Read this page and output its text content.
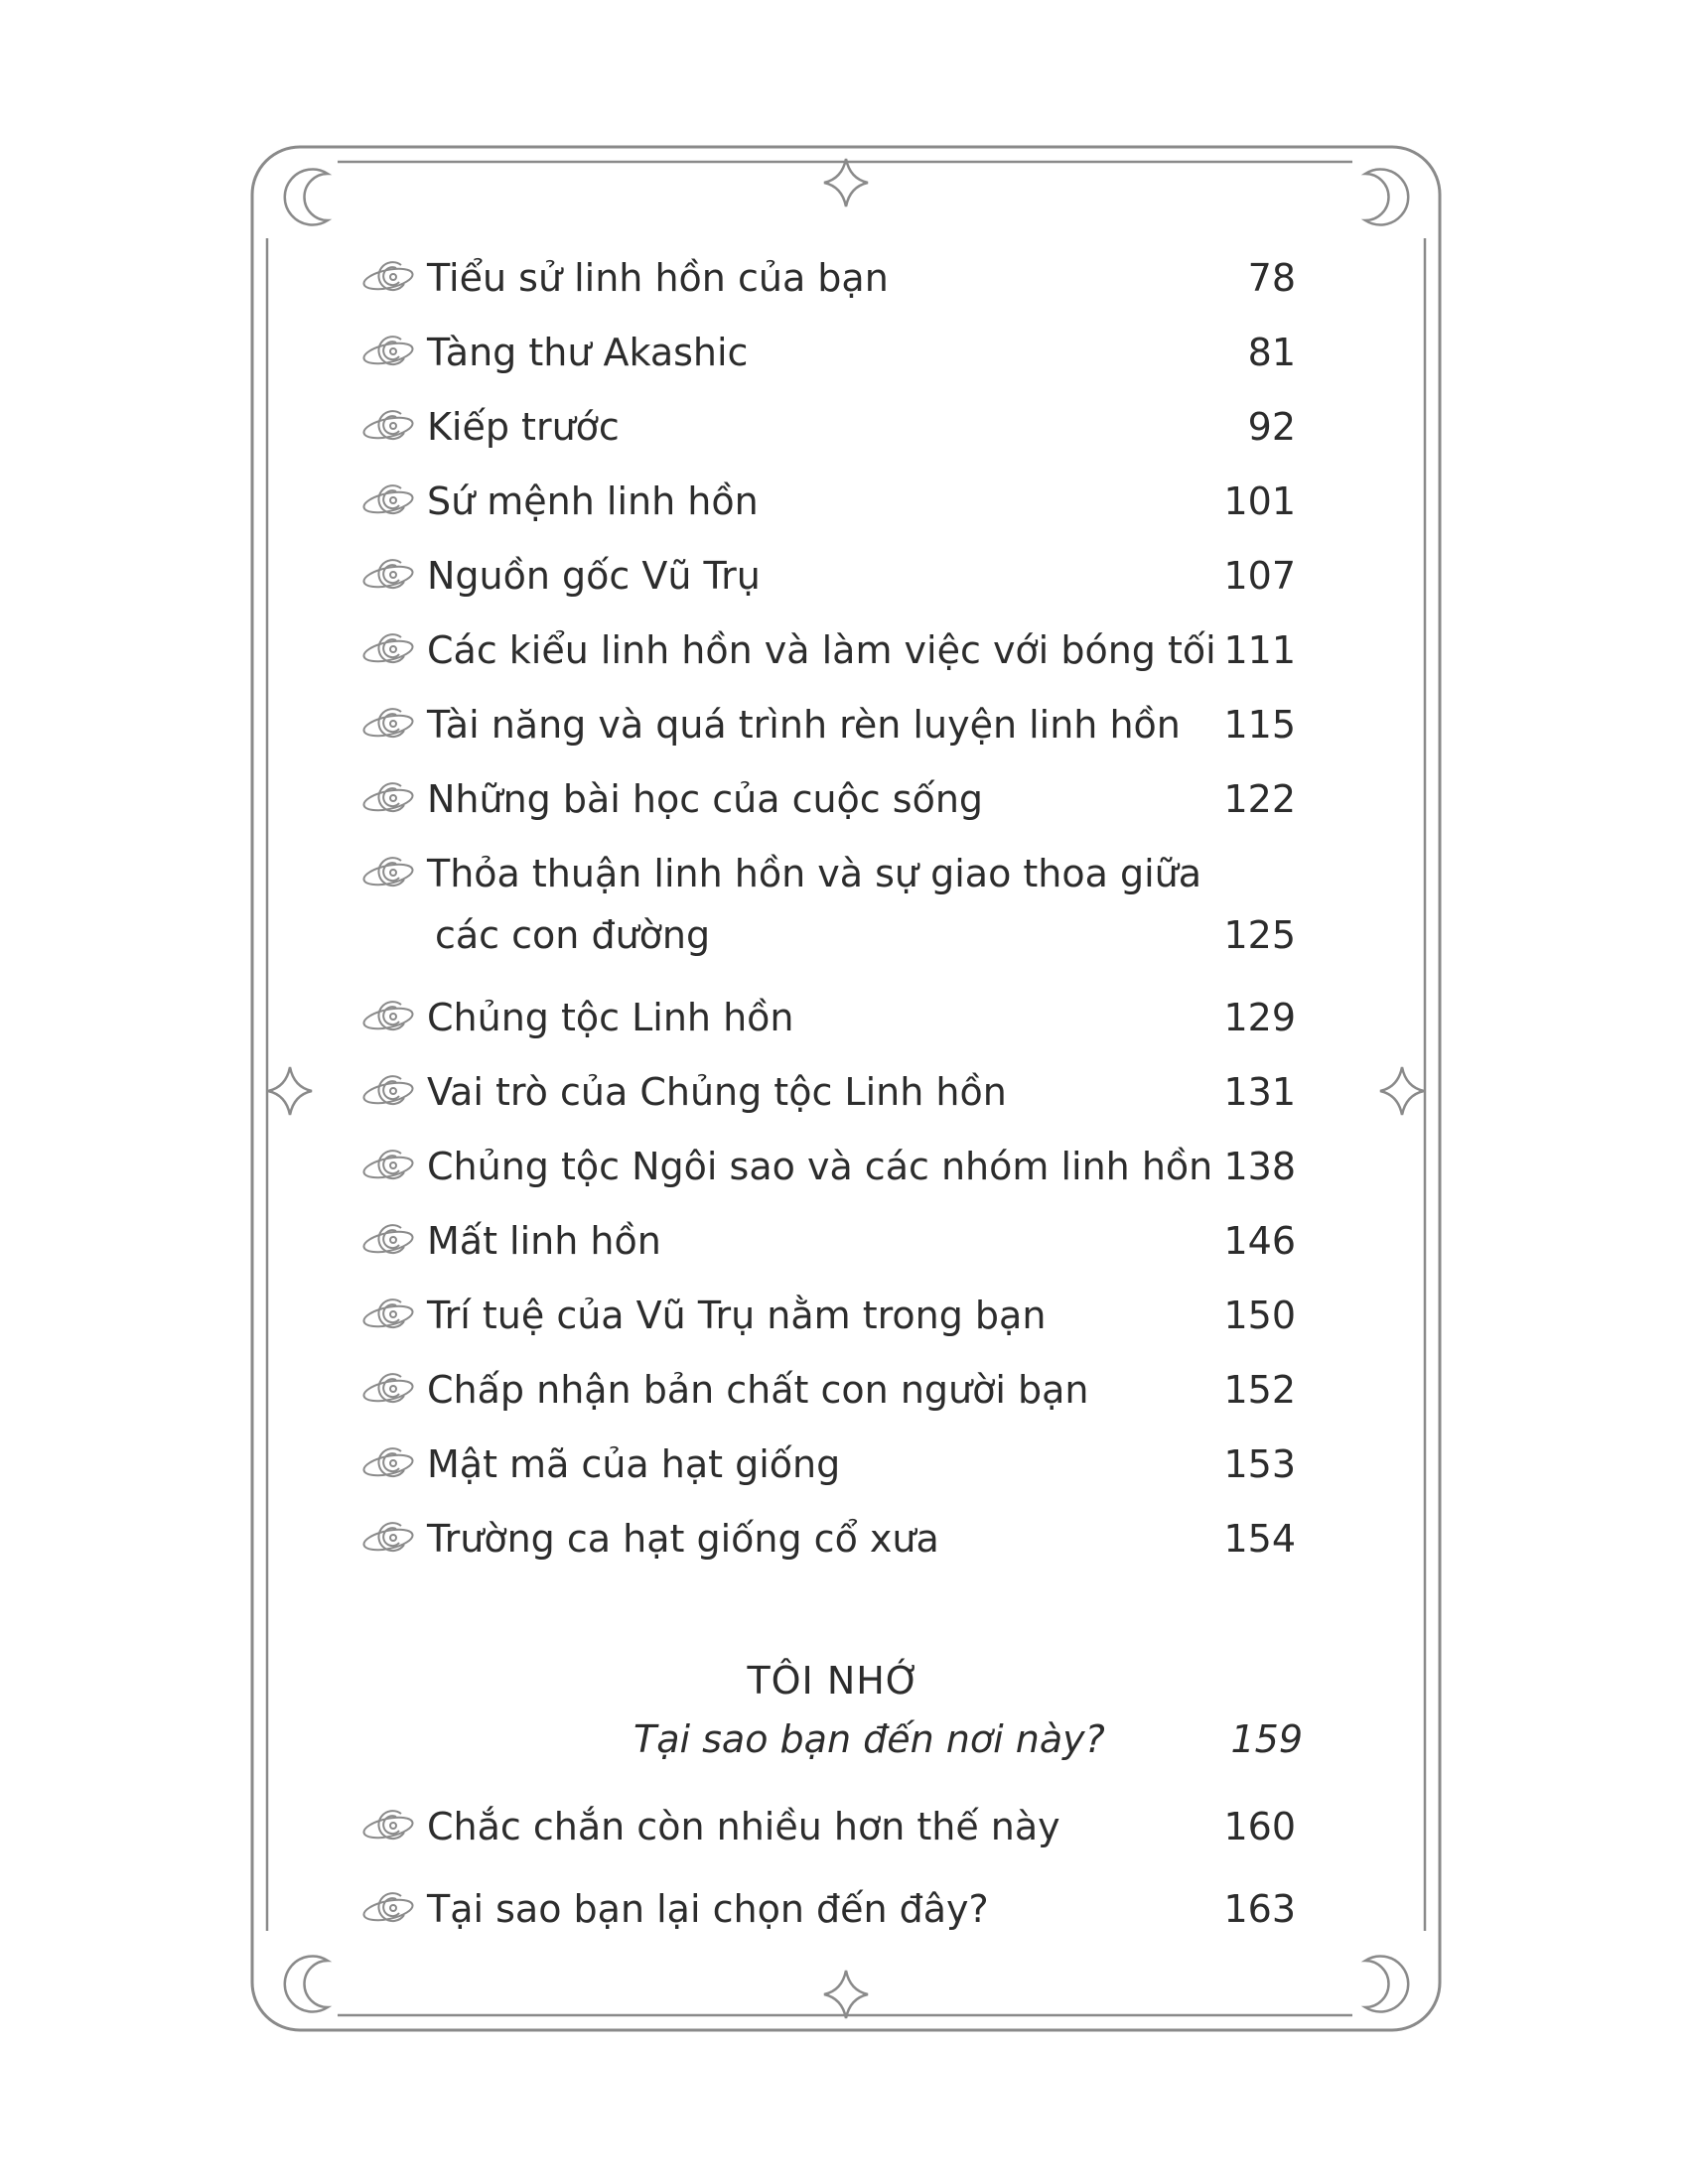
Tiểu sử linh hồn của bạn	78
Tàng thư Akashic	81
Kiếp trước	92
Sứ mệnh linh hồn	101
Nguồn gốc Vũ Trụ	107
Các kiểu linh hồn và làm việc với bóng tối 111
Tài năng và quá trình rèn luyện linh hồn 115
Những bài học của cuộc sống	122
Thỏa thuận linh hồn và sự giao thoa giữa
các con đường	125
Chủng tộc Linh hồn	129
Vai trò của Chủng tộc Linh hồn	131
Chủng tộc Ngôi sao và các nhóm linh hồn 138
Mất linh hồn	146
Trí tuệ của Vũ Trụ nằm trong bạn	150
Chấp nhận bản chất con người bạn	152
Mật mã của hạt giống	153
Trường ca hạt giống cổ xưa	154
Chắc chắn còn nhiều hơn thế này	160
Tại sao bạn lại chọn đến đây?	163
TÔI NHỚ
Tại sao bạn đến nơi này?	159
